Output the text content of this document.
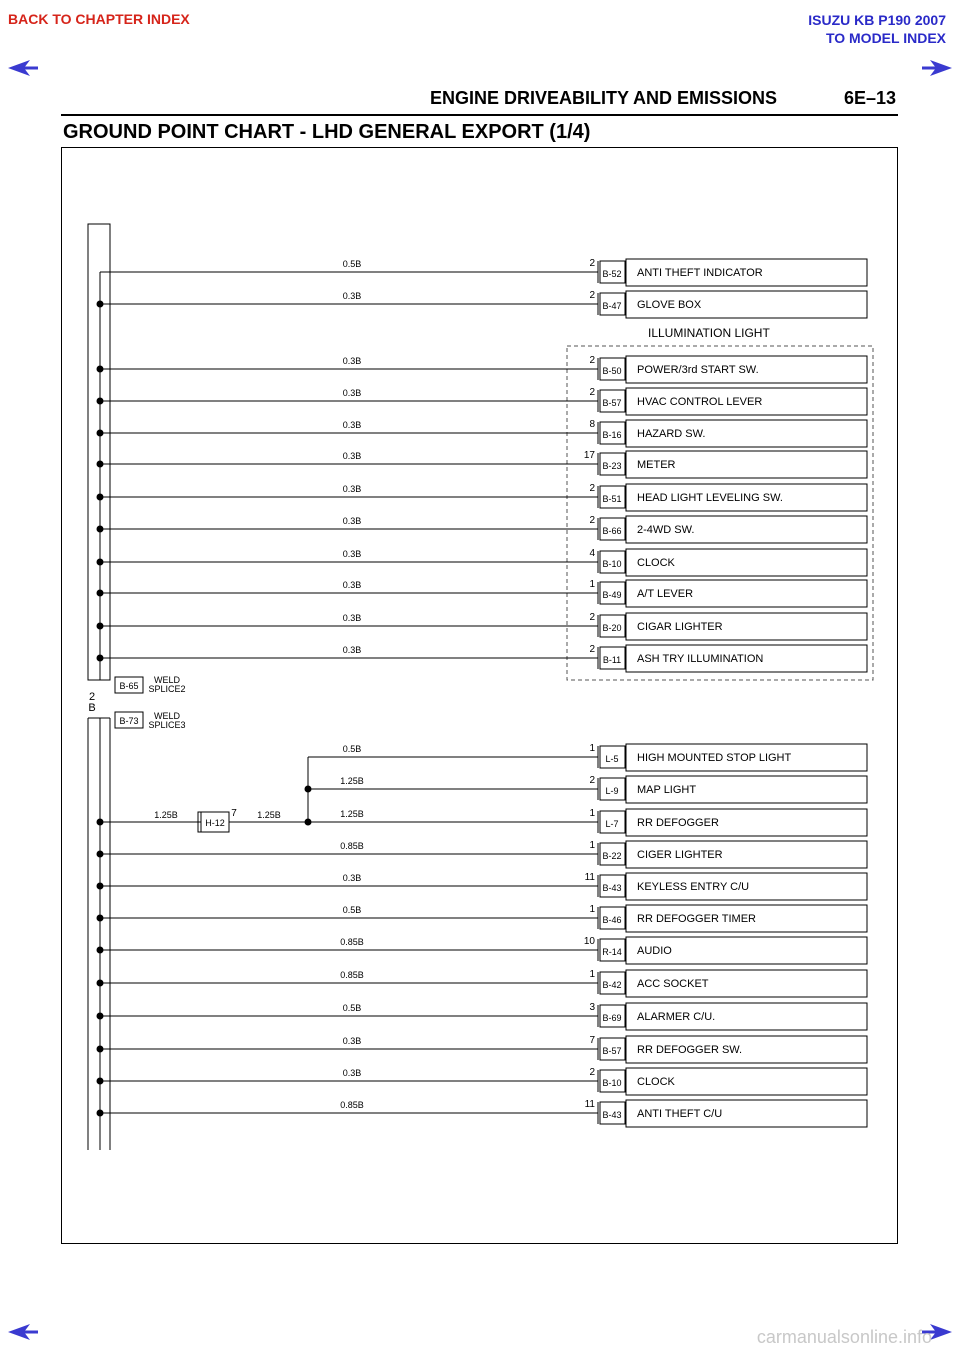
BACK TO CHAPTER INDEX	ISUZU KB P190 2007
TO MODEL INDEX
ENGINE DRIVEABILITY AND EMISSIONS	6E–13
GROUND POINT CHART - LHD GENERAL EXPORT (1/4)
2
B
ILLUMINATION LIGHT
0.5B	2
B-52 ANTI THEFT INDICATOR
0.3B	2
B-47 GLOVE BOX
0.3B	2
B-50 POWER/3rd START SW.
0.3B	2
B-57 HVAC CONTROL LEVER
0.3B	8
B-16 HAZARD SW.
0.3B	17
B-23 METER
0.3B	2
B-51 HEAD LIGHT LEVELING SW.
0.3B	2
B-66 2-4WD SW.
0.3B	4
B-10 CLOCK
0.3B	1
B-49 A/T LEVER
0.3B	2
B-20 CIGAR LIGHTER
0.3B	2
B-11 ASH TRY ILLUMINATION
B-65
WELD
SPLICE2
B-73 WELD
SPLICE3
0.5B	1
L-5 HIGH MOUNTED STOP LIGHT
1.25B	2
L-9 MAP LIGHT
1.25B	1
L-7 RR DEFOGGER
0.85B	1
B-22 CIGER LIGHTER
0.3B	11
B-43 KEYLESS ENTRY C/U
0.5B	1
B-46 RR DEFOGGER TIMER
0.85B	10
R-14 AUDIO
0.85B	1
B-42 ACC SOCKET
0.5B	3
B-69 ALARMER C/U.
0.3B	7
B-57 RR DEFOGGER SW.
0.3B	2
B-10 CLOCK
0.85B	11
B-43 ANTI THEFT C/U
H-12
7
1.25B	1.25B
carmanualsonline.info
